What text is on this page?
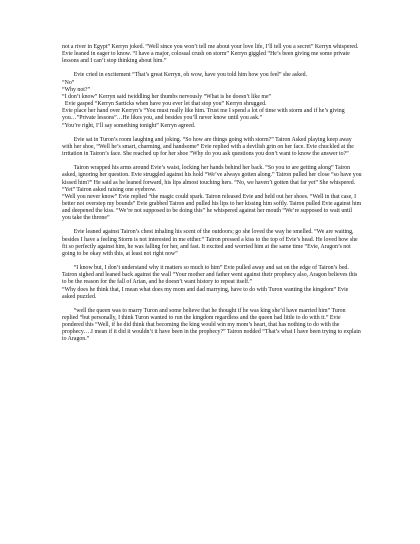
not a river in Egypt” Kerryn joked. “Well since you won’t tell me about your love life, I’ll tell you a secret” Kerryn whispered. Evie leaned in eager to know. “I have a major, colossal crush on storm” Kerryn giggled “He’s been giving me some private lessons and I can’t stop thinking about him.”

Evie cried in excitement “That’s great Kerryn, oh wow, have you told him how you feel” she asked.
“No”
“Why not?”
“I don’t know” Kerryn said twiddling her thumbs nervously “What is he doesn’t like me”
Evie gasped “Kerryn Sarticks when have you ever let that stop you” Kerryn shrugged.
Evie place her hand over Kerryn’s “You must really like him. Trust me I spend a lot of time with storm and if he’s giving you…”Private lessons”…He likes you, and besides you’ll never know until you ask.”
“You’re right, I’ll say something tonight” Kerryn agreed.

Evie sat in Turon’s room laughing and joking. “So how are things going with storm?” Tairon Asked playing keep away with her shoe, “Well he’s smart, charming, and handsome” Evie replied with a devilish grin on her face. Evie chuckled at the irritation in Tairon’s face. She reached up for her shoe “Why do you ask questions you don’t want to know the answer to?”

Tairon wrapped his arms around Evie’s waist, locking her hands behind her back. “So you to are getting along” Tairon asked, ignoring her question. Evie struggled against his hold “We’ve always gotten along.” Tairon pulled her close “so have you kissed him?” He said as he leaned forward, his lips almost touching hers. “No, we haven’t gotten that far yet” She whispered. “Yet” Tairon asked raising one eyebrow.
“Well you never know” Evie replied “the magic could spark. Tairon released Evie and held out her shoes. “Well in that case, I better not overstep my bounds” Evie grabbed Tairon and pulled his lips to her kissing him softly. Tairon pulled Evie against him and deepened the kiss. “We’re not supposed to be doing this” he whispered against her mouth “We’re supposed to wait until you take the throne”

Evie leaned against Tairon’s chest inhaling his scent of the outdoors; go she loved the way he smelled. “We are waiting, besides I have a feeling Storm is not interested in me either.” Tairon pressed a kiss to the top of Evie’s head. He loved how she fit so perfectly against him, he was falling for her, and fast. It excited and worried him at the same time “Evie, Aragon’s not going to be okay with this, at least not right now”

“I know but, I don’t understand why it matters so much to him” Evie pulled away and sat on the edge of Tairon’s bed. Tairon sighed and leaned back against the wall “Your mother and father went against their prophecy also, Aragon believes this to be the reason for the fall of Arian, and he doesn’t want history to repeat itself.”
“Why does he think that, I mean what does my mom and dad marrying, have to do with Turon wanting the kingdom” Evie asked puzzled.

“well the queen was to marry Turon and some believe that he thought if he was king she’d have married him” Turon replied “but personally, I think Turon wanted to run the kingdom regardless and the queen had little to do with it.” Evie pondered this “Well, if he did think that becoming the king would win my mom’s heart, that has nothing to do with the prophecy….I mean if it did it wouldn’t it have been in the prophecy?” Tairon nodded “That’s what I have been trying to explain to Aragon.”
